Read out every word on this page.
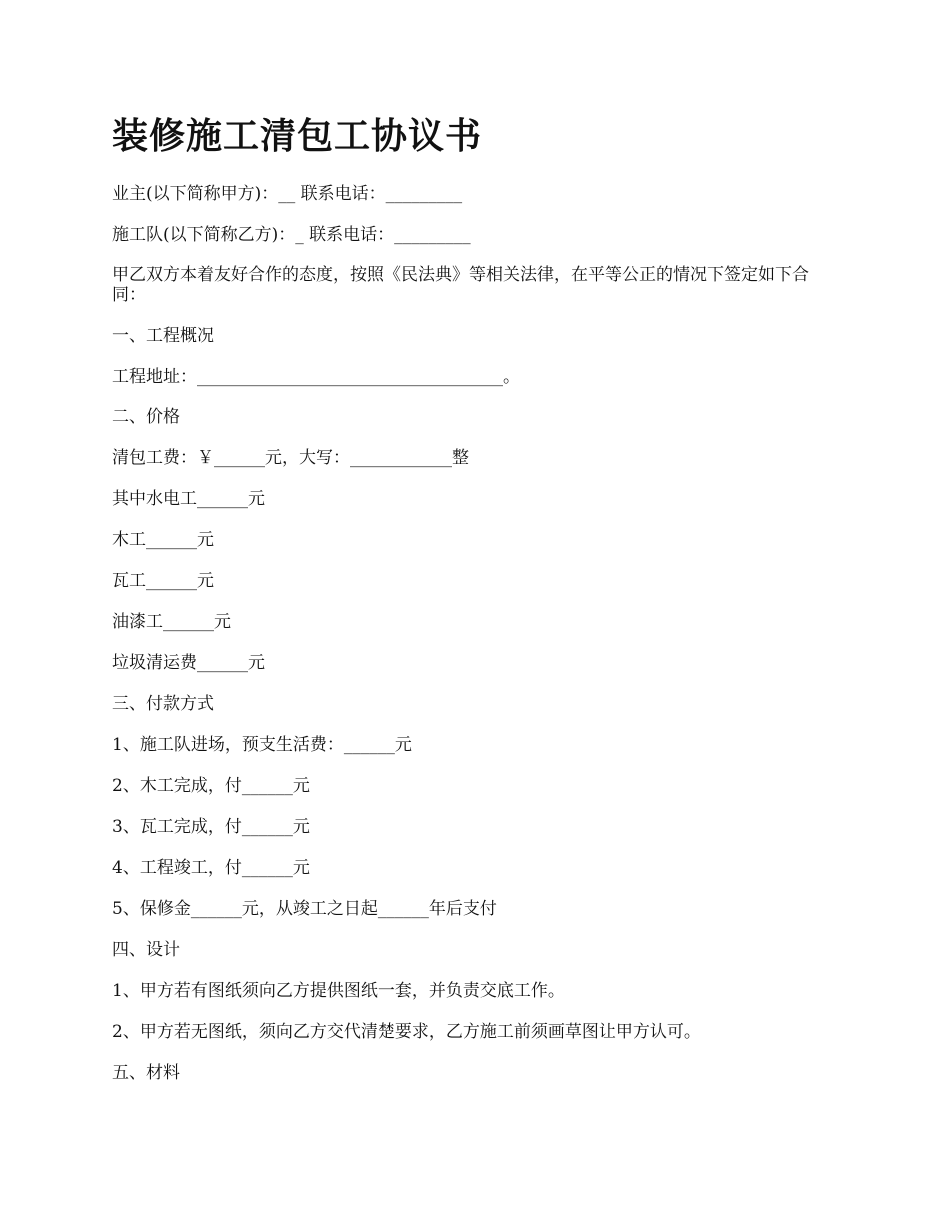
装修施工清包工协议书

业主(以下简称甲方)：__ 联系电话：_________

施工队(以下简称乙方)：_ 联系电话：_________

甲乙双方本着友好合作的态度，按照《民法典》等相关法律，在平等公正的情况下签定如下合同：

一、工程概况

工程地址：____________________________________。

二、价格

清包工费：￥______元，大写：____________整

其中水电工______元

木工______元

瓦工______元

油漆工______元

垃圾清运费______元

三、付款方式

1、施工队进场，预支生活费：______元

2、木工完成，付______元

3、瓦工完成，付______元

4、工程竣工，付______元

5、保修金______元，从竣工之日起______年后支付

四、设计

1、甲方若有图纸须向乙方提供图纸一套，并负责交底工作。

2、甲方若无图纸，须向乙方交代清楚要求，乙方施工前须画草图让甲方认可。

五、材料
